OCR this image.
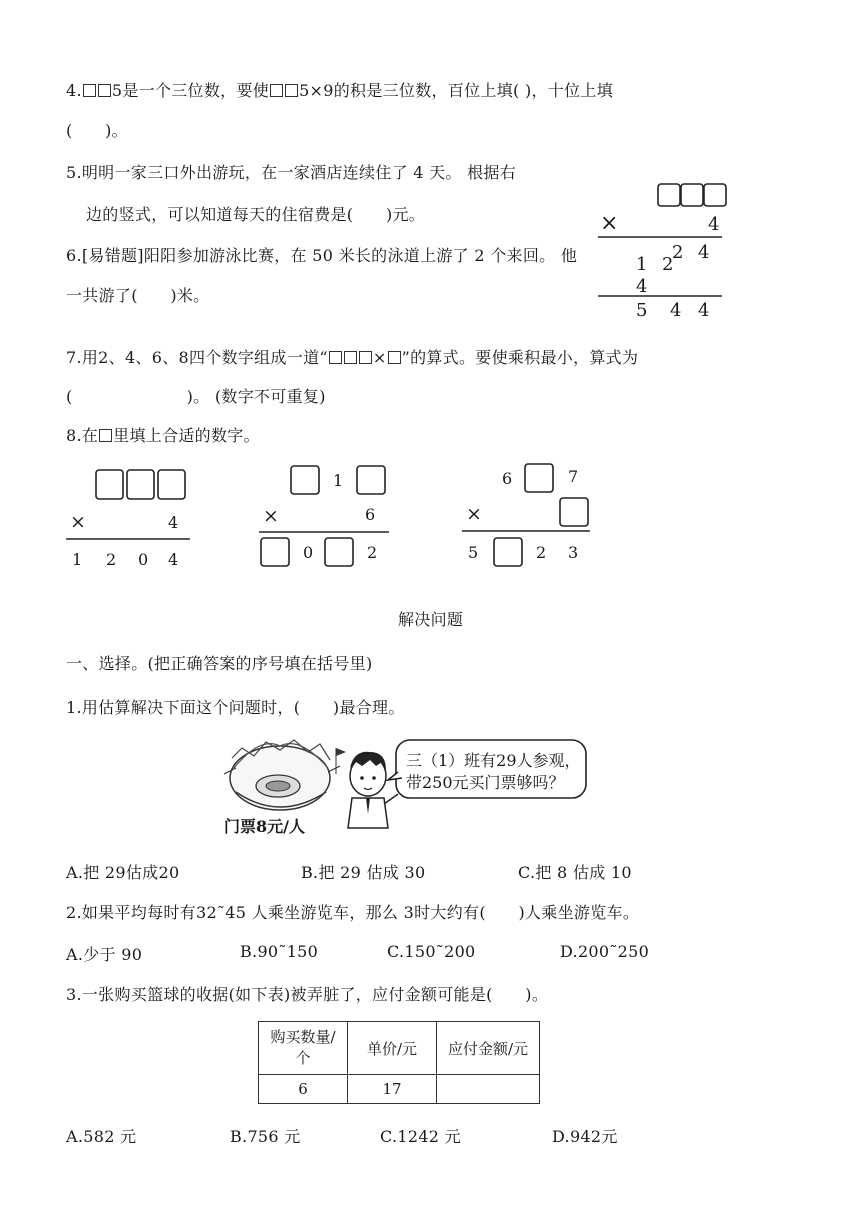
4. 5是一个三位数，要使 5×9的积是三位数，百位上填( )，十位上填
(　　)。
5.明明一家三口外出游玩，在一家酒店连续住了 4 天。 根据右
边的竖式，可以知道每天的住宿费是(　　)元。
6.[易错题]阳阳参加游泳比赛，在 50 米长的泳道上游了 2 个来回。 他
一共游了(　　)米。
×	4
2 4
1 2
4
5 4 4
7.用2、4、6、8四个数字组成一道“	× ”的算式。要使乘积最小，算式为
(　　　　　　　)。 (数字不可重复)
8.在 里填上合适的数字。
×	4
1 2 0 4
1
×	6
0	2
6	7
×
5	2 3
解决问题
一、选择。(把正确答案的序号填在括号里)
1.用估算解决下面这个问题时，(　　)最合理。
三（1）班有29人参观，
带250元买门票够吗？
门票8元/人
A.把 29估成20	B.把 29 估成 30	C.把 8 估成 10
2.如果平均每时有32˜45 人乘坐游览车，那么 3时大约有(　　)人乘坐游览车。
A.少于 90	B.90˜150	C.150˜200	D.200˜250
3.一张购买篮球的收据(如下表)被弄脏了，应付金额可能是(　　)。
购买数量/
个	单价/元	应付金额/元
6	17	
A.582 元	B.756 元	C.1242 元	D.942元
